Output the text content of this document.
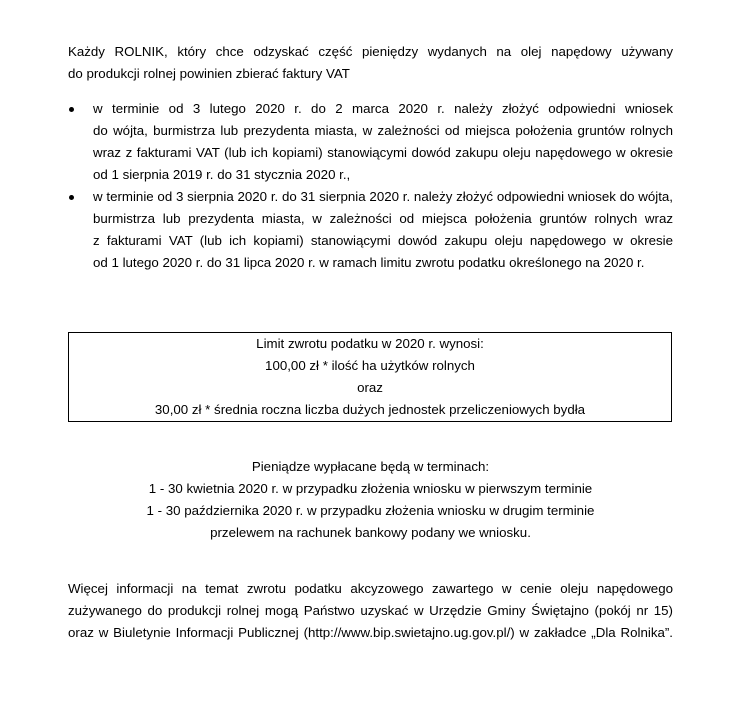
Każdy ROLNIK, który chce odzyskać część pieniędzy wydanych na olej napędowy używany
do produkcji rolnej powinien zbierać faktury VAT
w terminie od 3 lutego 2020 r. do 2 marca 2020 r. należy złożyć odpowiedni wniosek
do wójta, burmistrza lub prezydenta miasta, w zależności od miejsca położenia gruntów rolnych
wraz z fakturami VAT (lub ich kopiami) stanowiącymi dowód zakupu oleju napędowego w okresie
od 1 sierpnia 2019 r. do 31 stycznia 2020 r.,
w terminie od 3 sierpnia 2020 r. do 31 sierpnia 2020 r. należy złożyć odpowiedni wniosek do wójta,
burmistrza lub prezydenta miasta, w zależności od miejsca położenia gruntów rolnych wraz
z fakturami VAT (lub ich kopiami) stanowiącymi dowód zakupu oleju napędowego w okresie
od 1 lutego 2020 r. do 31 lipca 2020 r. w ramach limitu zwrotu podatku określonego na 2020 r.
Limit zwrotu podatku w 2020 r. wynosi:
100,00 zł * ilość ha użytków rolnych
oraz
30,00 zł * średnia roczna liczba dużych jednostek przeliczeniowych bydła
Pieniądze wypłacane będą w terminach:
1 - 30 kwietnia 2020 r. w przypadku złożenia wniosku w pierwszym terminie
1 - 30 października 2020 r. w przypadku złożenia wniosku w drugim terminie
przelewem na rachunek bankowy podany we wniosku.
Więcej informacji na temat zwrotu podatku akcyzowego zawartego w cenie oleju napędowego
zużywanego do produkcji rolnej mogą Państwo uzyskać w Urzędzie Gminy Świętajno (pokój nr 15)
oraz w Biuletynie Informacji Publicznej (http://www.bip.swietajno.ug.gov.pl/) w zakładce „Dla Rolnika”.
